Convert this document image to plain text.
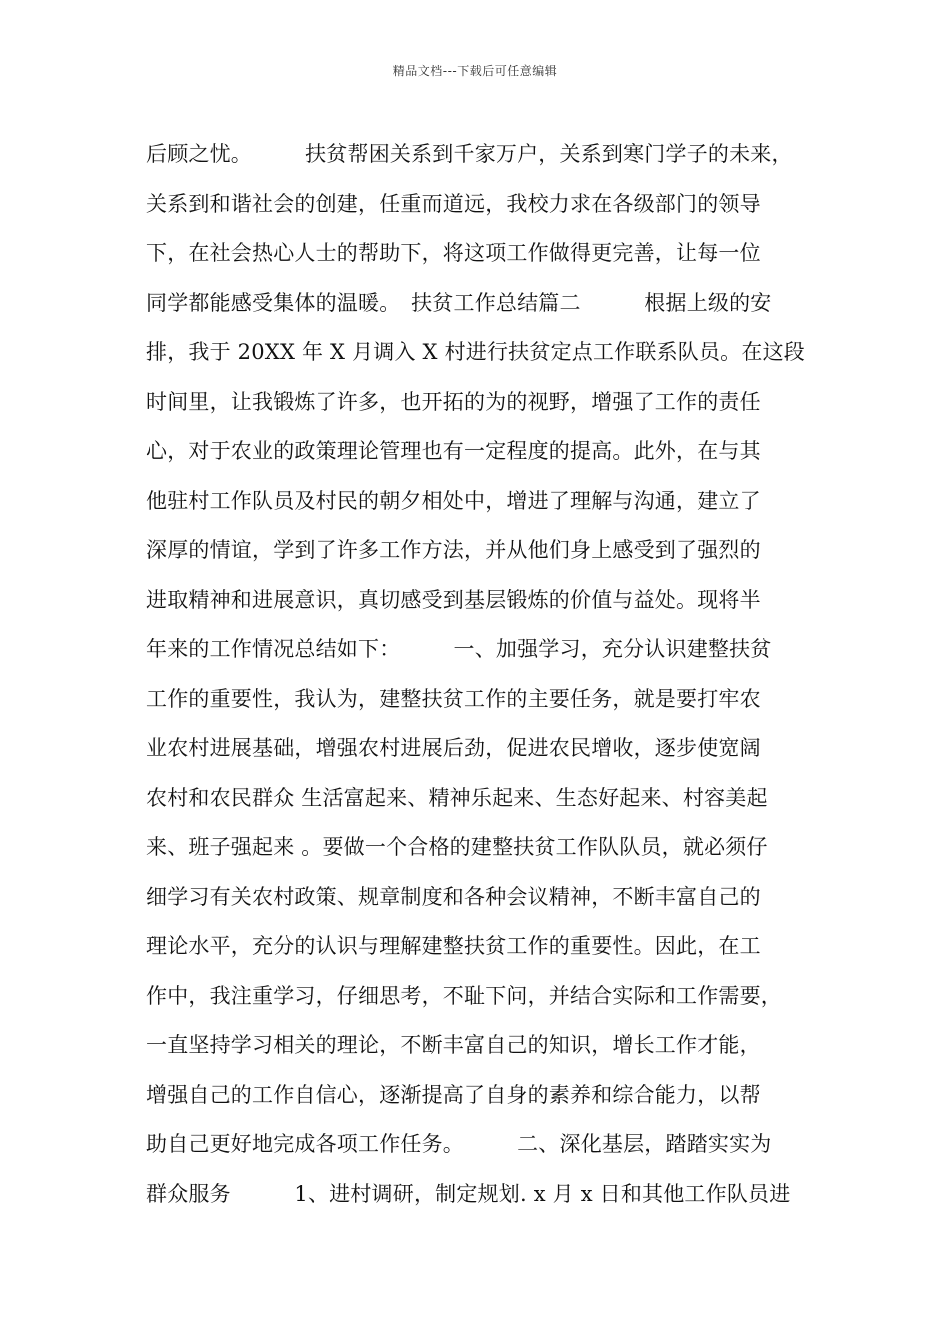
精品文档---下载后可任意编辑
后顾之忧。　　　扶贫帮困关系到千家万户，关系到寒门学子的未来，
关系到和谐社会的创建，任重而道远，我校力求在各级部门的领导
下，在社会热心人士的帮助下，将这项工作做得更完善，让每一位
同学都能感受集体的温暖。　扶贫工作总结篇二　　　根据上级的安
排，我于 20XX 年 X 月调入 X 村进行扶贫定点工作联系队员。在这段
时间里，让我锻炼了许多，也开拓的为的视野，增强了工作的责任
心，对于农业的政策理论管理也有一定程度的提高。此外，在与其
他驻村工作队员及村民的朝夕相处中，增进了理解与沟通，建立了
深厚的情谊，学到了许多工作方法，并从他们身上感受到了强烈的
进取精神和进展意识，真切感受到基层锻炼的价值与益处。现将半
年来的工作情况总结如下：　　　一、加强学习，充分认识建整扶贫
工作的重要性，我认为，建整扶贫工作的主要任务，就是要打牢农
业农村进展基础，增强农村进展后劲，促进农民增收，逐步使宽阔
农村和农民群众 生活富起来、精神乐起来、生态好起来、村容美起
来、班子强起来 。要做一个合格的建整扶贫工作队队员，就必须仔
细学习有关农村政策、规章制度和各种会议精神，不断丰富自己的
理论水平，充分的认识与理解建整扶贫工作的重要性。因此，在工
作中，我注重学习，仔细思考，不耻下问，并结合实际和工作需要，
一直坚持学习相关的理论，不断丰富自己的知识，增长工作才能，
增强自己的工作自信心，逐渐提高了自身的素养和综合能力，以帮
助自己更好地完成各项工作任务。　　　二、深化基层，踏踏实实为
群众服务　　　1、进村调研，制定规划. x 月 x 日和其他工作队员进
